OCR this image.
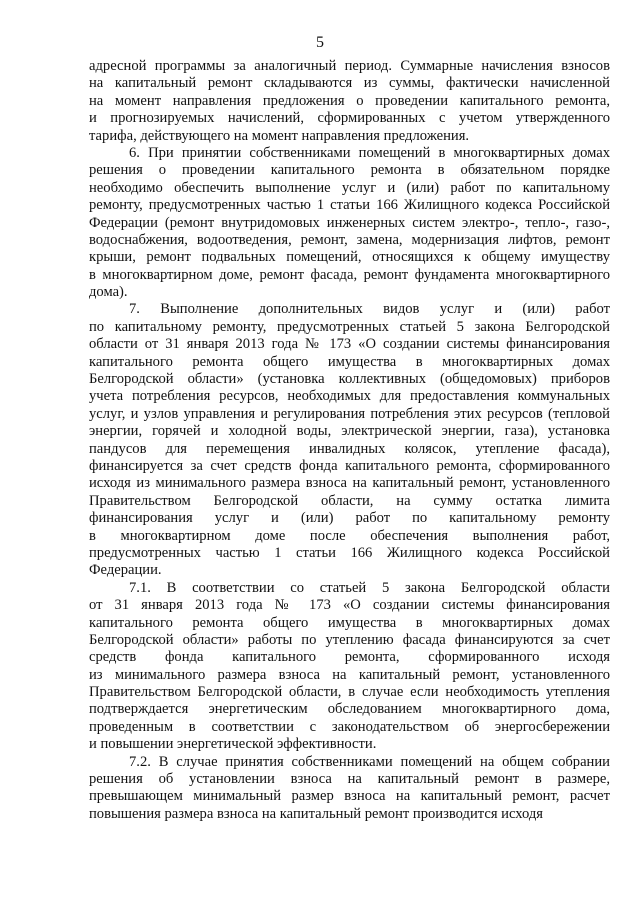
5
адресной программы за аналогичный период. Суммарные начисления взносов
на капитальный ремонт складываются из суммы, фактически начисленной
на момент направления предложения о проведении капитального ремонта,
и прогнозируемых начислений, сформированных с учетом утвержденного
тарифа, действующего на момент направления предложения.
6. При принятии собственниками помещений в многоквартирных домах
решения о проведении капитального ремонта в обязательном порядке
необходимо обеспечить выполнение услуг и (или) работ по капитальному
ремонту, предусмотренных частью 1 статьи 166 Жилищного кодекса Российской
Федерации (ремонт внутридомовых инженерных систем электро-, тепло-, газо-,
водоснабжения, водоотведения, ремонт, замена, модернизация лифтов, ремонт
крыши, ремонт подвальных помещений, относящихся к общему имуществу
в многоквартирном доме, ремонт фасада, ремонт фундамента многоквартирного
дома).
7. Выполнение дополнительных видов услуг и (или) работ
по капитальному ремонту, предусмотренных статьей 5 закона Белгородской
области от 31 января 2013 года № 173 «О создании системы финансирования
капитального ремонта общего имущества в многоквартирных домах
Белгородской области» (установка коллективных (общедомовых) приборов
учета потребления ресурсов, необходимых для предоставления коммунальных
услуг, и узлов управления и регулирования потребления этих ресурсов (тепловой
энергии, горячей и холодной воды, электрической энергии, газа), установка
пандусов для перемещения инвалидных колясок, утепление фасада),
финансируется за счет средств фонда капитального ремонта, сформированного
исходя из минимального размера взноса на капитальный ремонт, установленного
Правительством Белгородской области, на сумму остатка лимита
финансирования услуг и (или) работ по капитальному ремонту
в многоквартирном доме после обеспечения выполнения работ,
предусмотренных частью 1 статьи 166 Жилищного кодекса Российской
Федерации.
7.1. В соответствии со статьей 5 закона Белгородской области
от 31 января 2013 года № 173 «О создании системы финансирования
капитального ремонта общего имущества в многоквартирных домах
Белгородской области» работы по утеплению фасада финансируются за счет
средств фонда капитального ремонта, сформированного исходя
из минимального размера взноса на капитальный ремонт, установленного
Правительством Белгородской области, в случае если необходимость утепления
подтверждается энергетическим обследованием многоквартирного дома,
проведенным в соответствии с законодательством об энергосбережении
и повышении энергетической эффективности.
7.2. В случае принятия собственниками помещений на общем собрании
решения об установлении взноса на капитальный ремонт в размере,
превышающем минимальный размер взноса на капитальный ремонт, расчет
повышения размера взноса на капитальный ремонт производится исходя
